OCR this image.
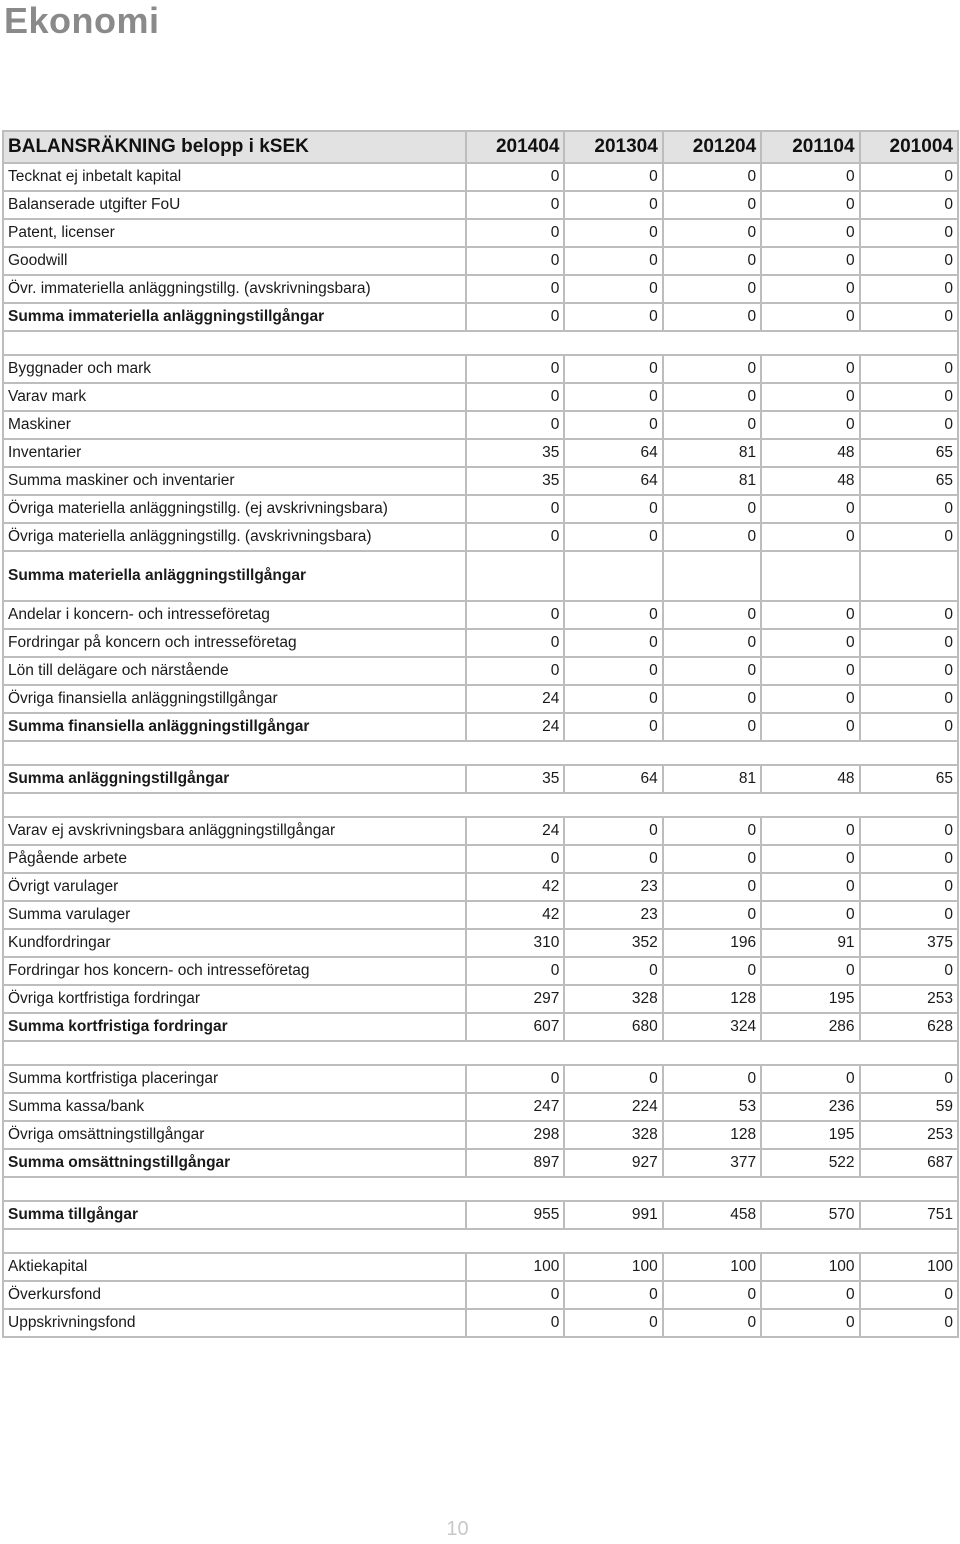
Ekonomi
BALANSRÄKNING belopp i kSEK	201404	201304	201204	201104	201004
Tecknat ej inbetalt kapital	0	0	0	0	0
Balanserade utgifter FoU	0	0	0	0	0
Patent, licenser	0	0	0	0	0
Goodwill	0	0	0	0	0
Övr. immateriella anläggningstillg. (avskrivningsbara)	0	0	0	0	0
Summa immateriella anläggningstillgångar	0	0	0	0	0

Byggnader och mark	0	0	0	0	0
Varav mark	0	0	0	0	0
Maskiner	0	0	0	0	0
Inventarier	35	64	81	48	65
Summa maskiner och inventarier	35	64	81	48	65
Övriga materiella anläggningstillg. (ej avskrivningsbara)	0	0	0	0	0
Övriga materiella anläggningstillg. (avskrivningsbara)	0	0	0	0	0
Summa materiella anläggningstillgångar					
Andelar i koncern- och intresseföretag	0	0	0	0	0
Fordringar på koncern och intresseföretag	0	0	0	0	0
Lön till delägare och närstående	0	0	0	0	0
Övriga finansiella anläggningstillgångar	24	0	0	0	0
Summa finansiella anläggningstillgångar	24	0	0	0	0

Summa anläggningstillgångar	35	64	81	48	65

Varav ej avskrivningsbara anläggningstillgångar	24	0	0	0	0
Pågående arbete	0	0	0	0	0
Övrigt varulager	42	23	0	0	0
Summa varulager	42	23	0	0	0
Kundfordringar	310	352	196	91	375
Fordringar hos koncern- och intresseföretag	0	0	0	0	0
Övriga kortfristiga fordringar	297	328	128	195	253
Summa kortfristiga fordringar	607	680	324	286	628

Summa kortfristiga placeringar	0	0	0	0	0
Summa kassa/bank	247	224	53	236	59
Övriga omsättningstillgångar	298	328	128	195	253
Summa omsättningstillgångar	897	927	377	522	687

Summa tillgångar	955	991	458	570	751

Aktiekapital	100	100	100	100	100
Överkursfond	0	0	0	0	0
Uppskrivningsfond	0	0	0	0	0
10
